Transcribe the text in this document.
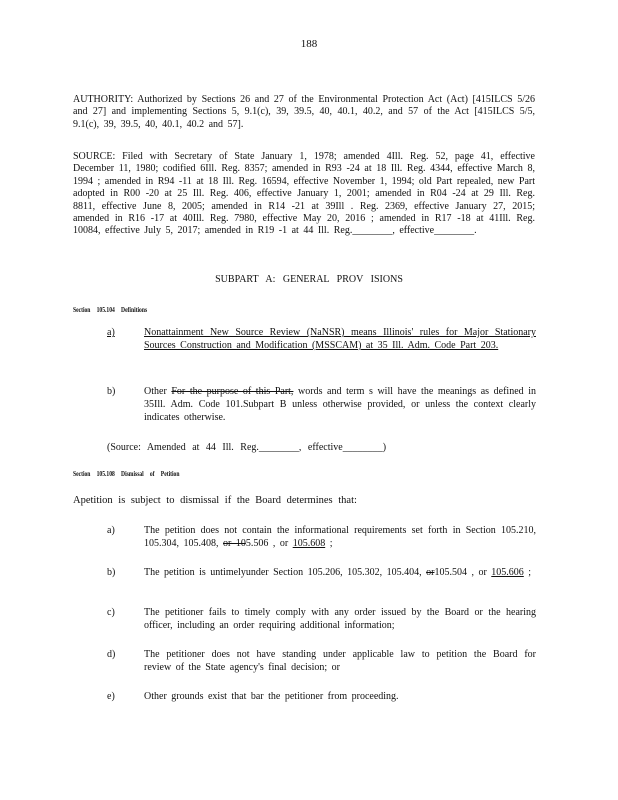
188
AUTHORITY: Authorized by Sections 26 and 27 of the Environmental Protection Act (Act) [415ILCS 5/26 and 27] and implementing Sections 5, 9.1(c), 39, 39.5, 40, 40.1, 40.2, and 57 of the Act [415ILCS 5/5, 9.1(c), 39, 39.5, 40, 40.1, 40.2 and 57].
SOURCE: Filed with Secretary of State January 1, 1978; amended 4Ill. Reg. 52, page 41, effective December 11, 1980; codified 6Ill. Reg. 8357; amended in R93 -24 at 18 Ill. Reg. 4344, effective March 8, 1994 ; amended in R94 -11 at 18 Ill. Reg. 16594, effective November 1, 1994; old Part repealed, new Part adopted in R00 -20 at 25 Ill. Reg. 406, effective January 1, 2001; amended in R04 -24 at 29 Ill. Reg. 8811, effective June 8, 2005; amended in R14 -21 at 39Ill . Reg. 2369, effective January 27, 2015; amended in R16 -17 at 40Ill. Reg. 7980, effective May 20, 2016 ; amended in R17 -18 at 41Ill. Reg. 10084, effective July 5, 2017; amended in R19 -1 at 44 Ill. Reg.________, effective________.
SUBPART A: GENERAL PROV ISIONS
Section 105.104 Definitions
a)	Nonattainment New Source Review (NaNSR) means Illinois' rules for Major Stationary Sources Construction and Modification (MSSCAM) at 35 Ill. Adm. Code Part 203.
b)	Other For the purpose of this Part, words and term s will have the meanings as defined in 35Ill. Adm. Code 101.Subpart B unless otherwise provided, or unless the context clearly indicates otherwise.
(Source: Amended at 44 Ill. Reg.________, effective________)
Section 105.108 Dismissal of Petition
Apetition is subject to dismissal if the Board determines that:
a)	The petition does not contain the informational requirements set forth in Section 105.210, 105.304, 105.408, or 105.506 , or 105.608 ;
b)	The petition is untimelyunder Section 105.206, 105.302, 105.404, or105.504 , or 105.606 ;
c)	The petitioner fails to timely comply with any order issued by the Board or the hearing officer, including an order requiring additional information;
d)	The petitioner does not have standing under applicable law to petition the Board for review of the State agency's final decision; or
e)	Other grounds exist that bar the petitioner from proceeding.
